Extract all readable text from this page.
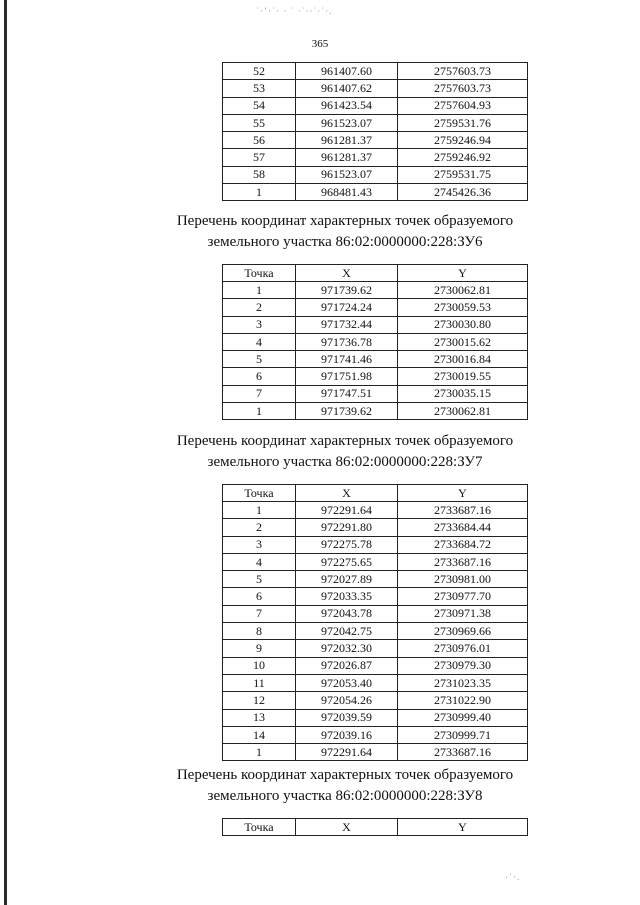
˙·ʼ·˙· · ˙ ·˙·ᵕ˙·˙·.
·˙·.
365
52	961407.60	2757603.73
53	961407.62	2757603.73
54	961423.54	2757604.93
55	961523.07	2759531.76
56	961281.37	2759246.94
57	961281.37	2759246.92
58	961523.07	2759531.75
1	968481.43	2745426.36
Перечень координат характерных точек образуемого
земельного участка 86:02:0000000:228:ЗУ6
Точка	X	Y
1	971739.62	2730062.81
2	971724.24	2730059.53
3	971732.44	2730030.80
4	971736.78	2730015.62
5	971741.46	2730016.84
6	971751.98	2730019.55
7	971747.51	2730035.15
1	971739.62	2730062.81
Перечень координат характерных точек образуемого
земельного участка 86:02:0000000:228:ЗУ7
Точка	X	Y
1	972291.64	2733687.16
2	972291.80	2733684.44
3	972275.78	2733684.72
4	972275.65	2733687.16
5	972027.89	2730981.00
6	972033.35	2730977.70
7	972043.78	2730971.38
8	972042.75	2730969.66
9	972032.30	2730976.01
10	972026.87	2730979.30
11	972053.40	2731023.35
12	972054.26	2731022.90
13	972039.59	2730999.40
14	972039.16	2730999.71
1	972291.64	2733687.16
Перечень координат характерных точек образуемого
земельного участка 86:02:0000000:228:ЗУ8
Точка	X	Y
